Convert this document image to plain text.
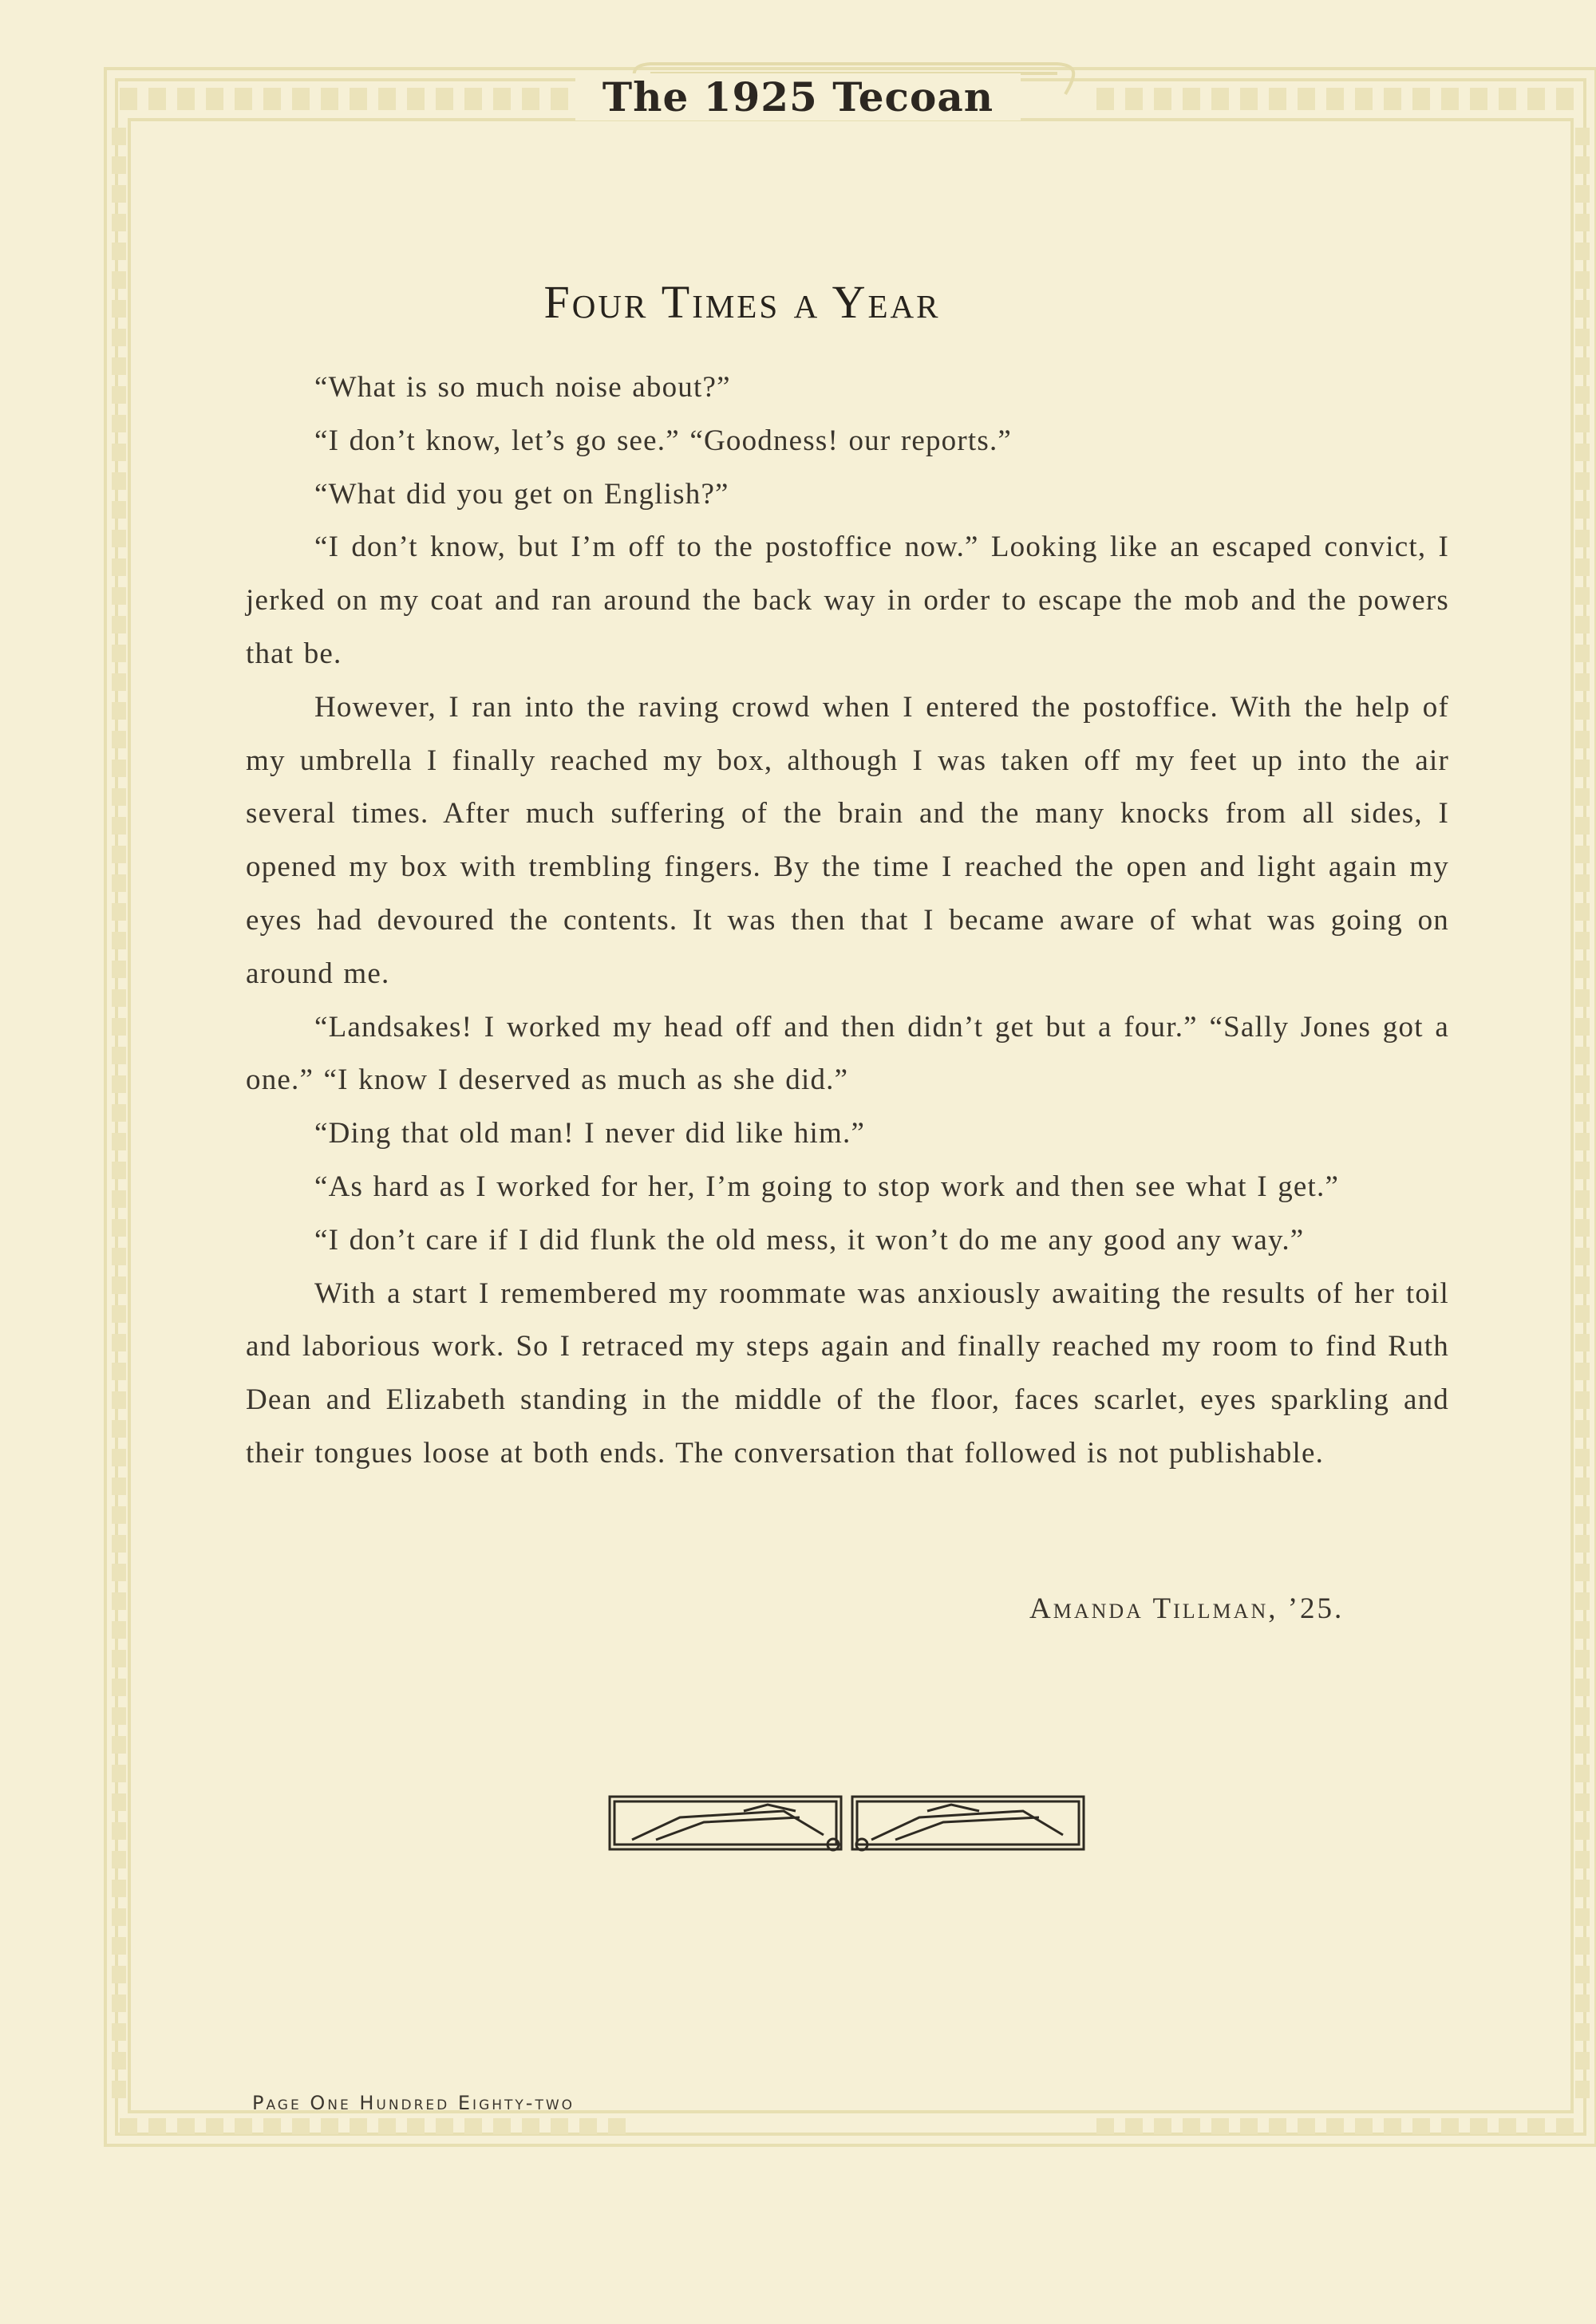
The 1925 Tecoan
Four Times a Year

“What is so much noise about?”

“I don’t know, let’s go see.” “Goodness! our reports.”

“What did you get on English?”

“I don’t know, but I’m off to the postoffice now.” Looking like an escaped convict, I jerked on my coat and ran around the back way in order to escape the mob and the powers that be.

However, I ran into the raving crowd when I entered the postoffice. With the help of my umbrella I finally reached my box, although I was taken off my feet up into the air several times. After much suffering of the brain and the many knocks from all sides, I opened my box with trembling fingers. By the time I reached the open and light again my eyes had devoured the contents. It was then that I became aware of what was going on around me.

“Landsakes! I worked my head off and then didn’t get but a four.” “Sally Jones got a one.” “I know I deserved as much as she did.”

“Ding that old man! I never did like him.”

“As hard as I worked for her, I’m going to stop work and then see what I get.”

“I don’t care if I did flunk the old mess, it won’t do me any good any way.”

With a start I remembered my roommate was anxiously awaiting the results of her toil and laborious work. So I retraced my steps again and finally reached my room to find Ruth Dean and Elizabeth standing in the middle of the floor, faces scarlet, eyes sparkling and their tongues loose at both ends. The conversation that followed is not publishable.

Amanda Tillman, ’25.
Page One Hundred Eighty-two
